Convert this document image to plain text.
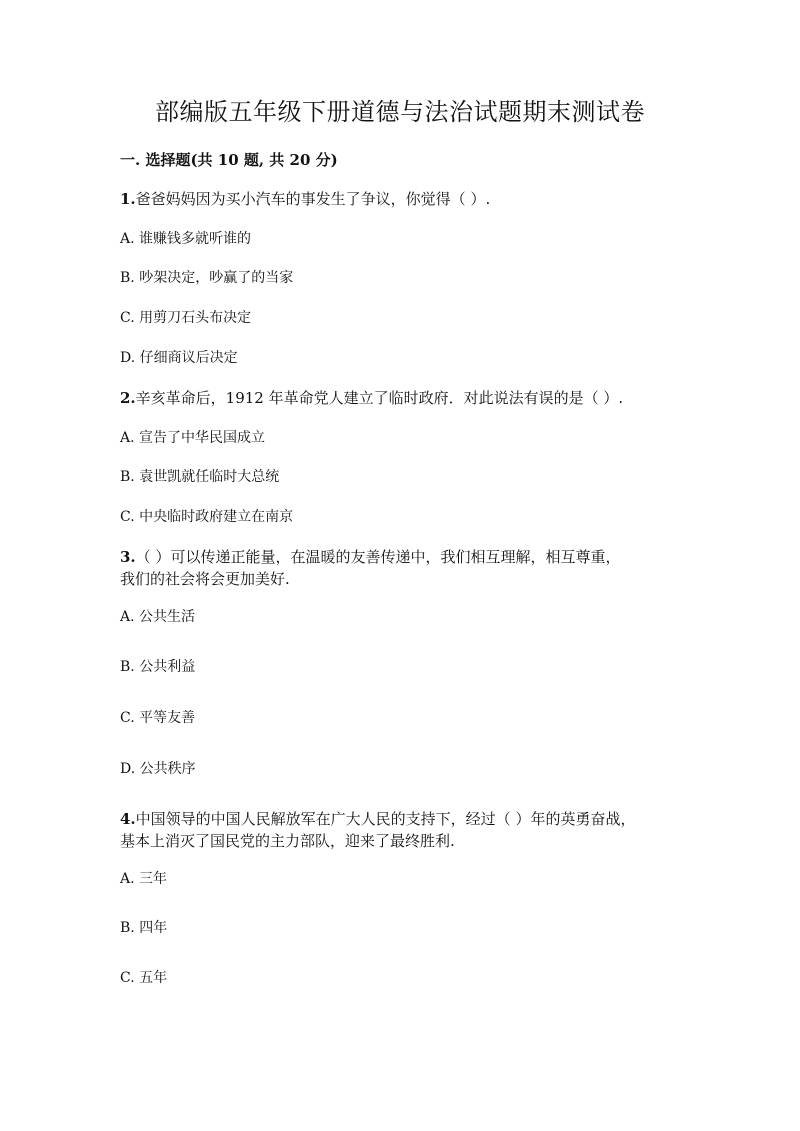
部编版五年级下册道德与法治试题期末测试卷
一. 选择题(共 10 题, 共 20 分)
1.爸爸妈妈因为买小汽车的事发生了争议，你觉得（ ）.
A. 谁赚钱多就听谁的
B. 吵架决定，吵赢了的当家
C. 用剪刀石头布决定
D. 仔细商议后决定
2.辛亥革命后，1912 年革命党人建立了临时政府．对此说法有误的是（ ）.
A. 宣告了中华民国成立
B. 袁世凯就任临时大总统
C. 中央临时政府建立在南京
3.（ ）可以传递正能量，在温暖的友善传递中，我们相互理解，相互尊重，
我们的社会将会更加美好.
A. 公共生活
B. 公共利益
C. 平等友善
D. 公共秩序
4.中国领导的中国人民解放军在广大人民的支持下，经过（ ）年的英勇奋战，
基本上消灭了国民党的主力部队，迎来了最终胜利.
A. 三年
B. 四年
C. 五年
